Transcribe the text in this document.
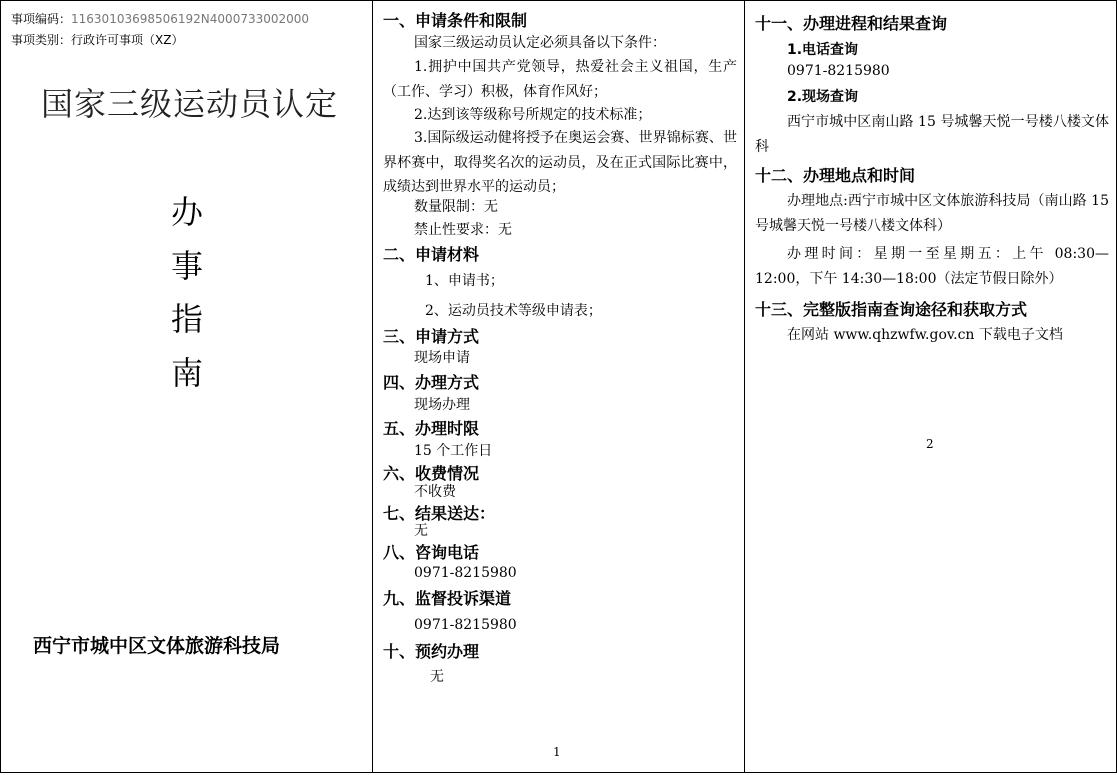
事项编码：11630103698506192N4000733002000
事项类别：行政许可事项（XZ）
国家三级运动员认定
办
事
指
南
西宁市城中区文体旅游科技局
一、申请条件和限制
国家三级运动员认定必须具备以下条件：
1.拥护中国共产党领导，热爱社会主义祖国，生产（工作、学习）积极，体育作风好；
2.达到该等级称号所规定的技术标准；
3.国际级运动健将授予在奥运会赛、世界锦标赛、世界杯赛中，取得奖名次的运动员，及在正式国际比赛中，成绩达到世界水平的运动员；
数量限制：无
禁止性要求：无
二、申请材料
1、申请书；
2、运动员技术等级申请表；
三、申请方式
现场申请
四、办理方式
现场办理
五、办理时限
15 个工作日
六、收费情况
不收费
七、结果送达：
无
八、咨询电话
0971-8215980
九、监督投诉渠道
0971-8215980
十、预约办理
无
1
十一、办理进程和结果查询
1.电话查询
0971-8215980
2.现场查询
西宁市城中区南山路 15 号城馨天悦一号楼八楼文体科
十二、办理地点和时间
办理地点:西宁市城中区文体旅游科技局（南山路 15 号城馨天悦一号楼八楼文体科）
办理时间：星期一至星期五：上午 08:30—12:00，下午 14:30—18:00（法定节假日除外）
十三、完整版指南查询途径和获取方式
在网站 www.qhzwfw.gov.cn 下载电子文档
2
